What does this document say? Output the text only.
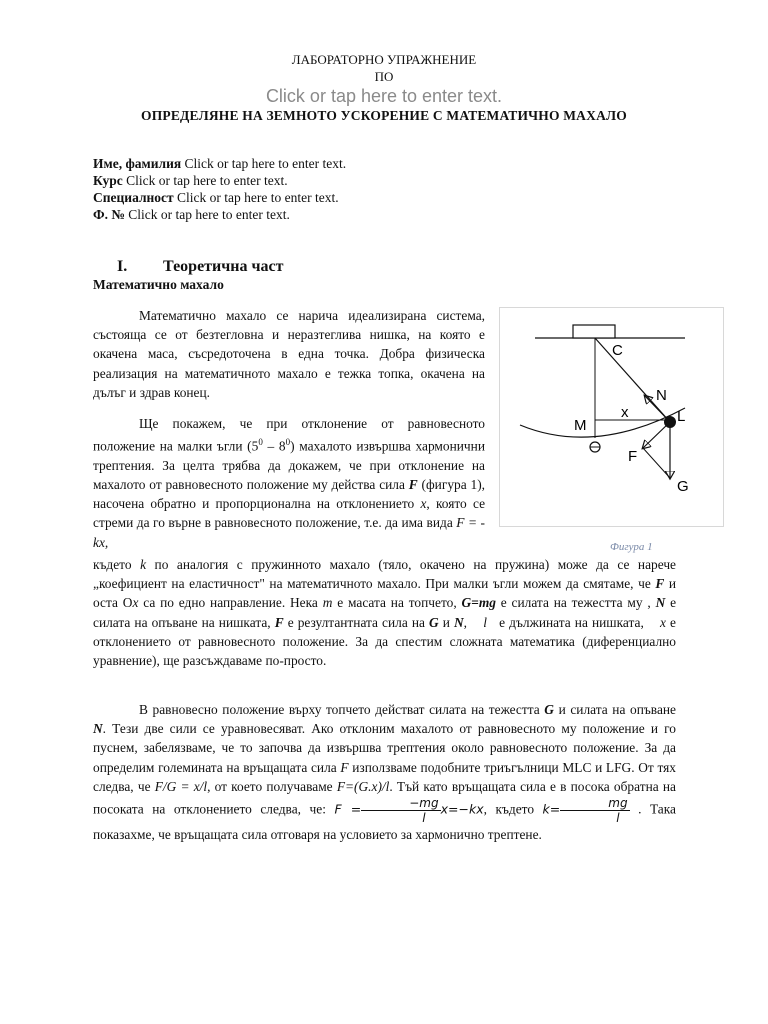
ЛАБОРАТОРНО УПРАЖНЕНИЕ
ПО
Click or tap here to enter text.
ОПРЕДЕЛЯНЕ НА ЗЕМНОТО УСКОРЕНИЕ С МАТЕМАТИЧНО МАХАЛО
Име, фамилия Click or tap here to enter text.
Курс Click or tap here to enter text.
Специалност Click or tap here to enter text.
Ф. № Click or tap here to enter text.
I. Теоретична част
Математично махало

Математично махало се нарича идеализирана система, състояща се от безтегловна и неразтеглива нишка, на която е окачена маса, съсредоточена в една точка. Добра физическа реализация на математичното махало е тежка топка, окачена на дълъг и здрав конец.

Ще покажем, че при отклонение от равновесното положение на малки ъгли $(5^0 - 8^0)$ махалото извършва хармонични трептения. За целта трябва да докажем, че при отклонение на махалото от равновесното положение му действа сила F (фигура 1), насочена обратно и пропорционална на отклонението x, която се стреми да го върне в равновесното положение, т.е. да има вида F = - kx,

C
N
M
x	L
F
G
Фигура 1

където k по аналогия с пружинното махало (тяло, окачено на пружина) може да се нарече „коефициент на еластичност" на математичното махало. При малки ъгли можем да смятаме, че F и оста Оx са по едно направление. Нека m е масата на топчето, G=mg е силата на тежестта му , N е силата на опъване на нишката, F е резултантната сила на G и N,    l   е дължината на нишката,    x е отклонението от равновесното положение. За да спестим сложната математика (диференциално уравнение), ще разсъждаваме по-просто.

В равновесно положение върху топчето действат силата на тежестта G и силата на опъване N. Тези две сили се уравновесяват. Ако отклоним махалото от равновесното му положение и го пуснем, забелязваме, че то започва да извършва трептения около равновесното положение. За да определим големината на връщащата сила F използваме подобните триъгълници MLC и LFG. От тях следва, че F/G = x/l, от което получаваме F=(G.x)/l. Тъй като връщащата сила е в посока обратна на посоката на отклонението следва, че: $F = \frac{-mg}{l} x=-kx$, където $k= \frac{mg}{l}$ . Така показахме, че връщащата сила отговаря на условието за хармонично трептене.
